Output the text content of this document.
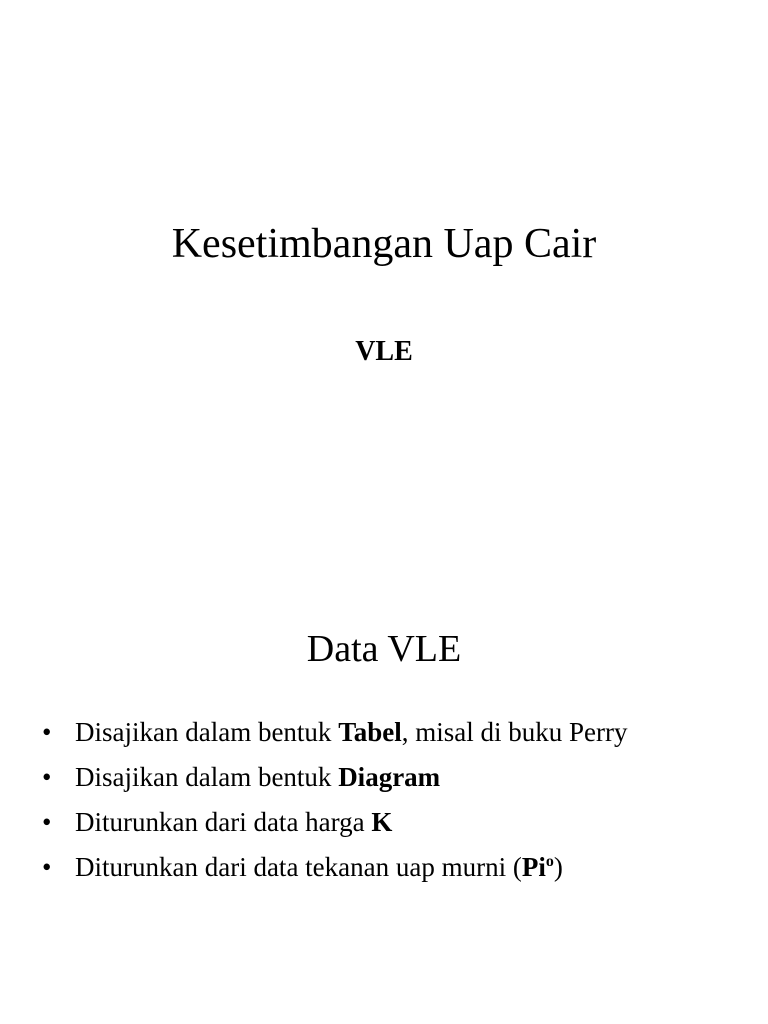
Kesetimbangan Uap Cair
VLE
Data VLE
• Disajikan dalam bentuk Tabel, misal di buku Perry
• Disajikan dalam bentuk Diagram
• Diturunkan dari data harga K
• Diturunkan dari data tekanan uap murni (Pi$^o$)
